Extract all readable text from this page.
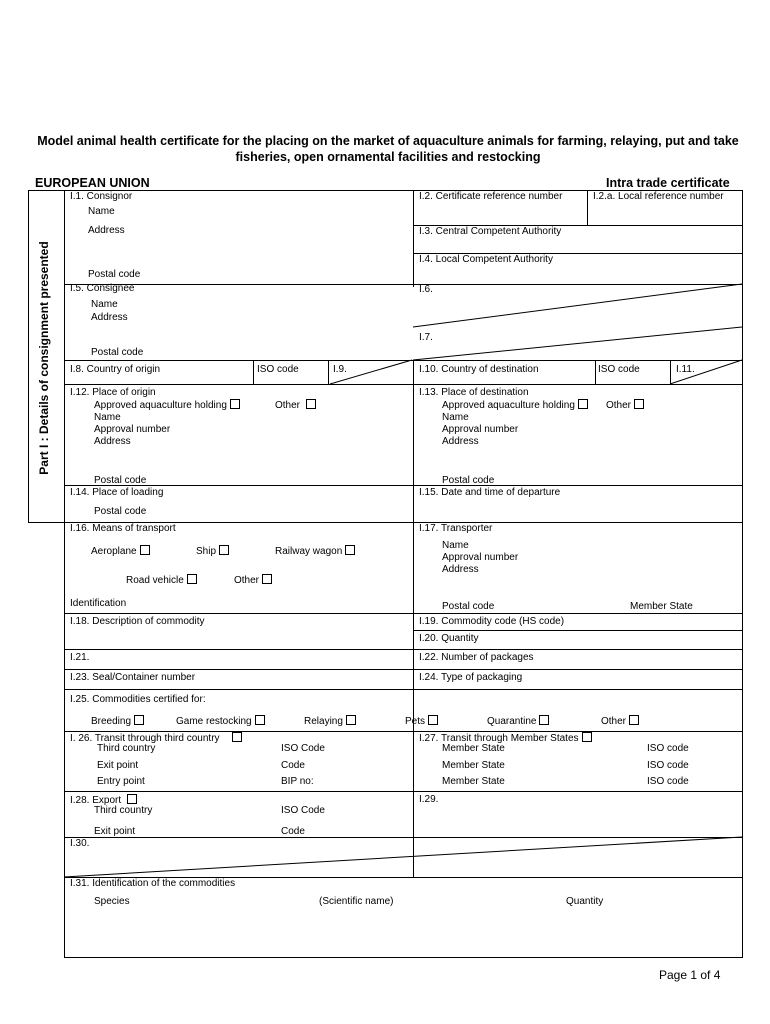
Model animal health certificate for the placing on the market of aquaculture animals for farming, relaying, put and take fisheries, open ornamental facilities and restocking
EUROPEAN UNION	Intra trade certificate
Part I : Details of consignment presented
I.1. Consignor
Name
Address
Postal code
I.2. Certificate reference number	I.2.a. Local reference number
I.3. Central Competent Authority
I.4. Local Competent Authority
I.5. Consignee
Name
Address
Postal code
I.6.
I.7.
I.8. Country of origin	ISO code	I.9.	I.10. Country of destination	ISO code	I.11.
I.12. Place of origin
Approved aquaculture holding	Other
Name
Approval number
Address
Postal code
I.13. Place of destination
Approved aquaculture holding	Other
Name
Approval number
Address
Postal code
I.14. Place of loading
Postal code
I.15. Date and time of departure
I.16. Means of transport
Aeroplane	Ship	Railway wagon
Road vehicle	Other
Identification
I.17. Transporter
Name
Approval number
Address
Postal code	Member State
I.18. Description of commodity	I.19. Commodity code (HS code)
I.20. Quantity
I.21.	I.22. Number of packages
I.23. Seal/Container number	I.24. Type of packaging
I.25. Commodities certified for:
Breeding	Game restocking	Relaying	Pets	Quarantine	Other
I. 26. Transit through third country
Third country	ISO Code
Exit point	Code
Entry point	BIP no:
I.27. Transit through Member States
Member State	ISO code
Member State	ISO code
Member State	ISO code
I.28. Export
Third country	ISO Code
Exit point	Code
I.29.
I.30.
I.31. Identification of the commodities
Species	(Scientific name)	Quantity
Page 1 of 4
